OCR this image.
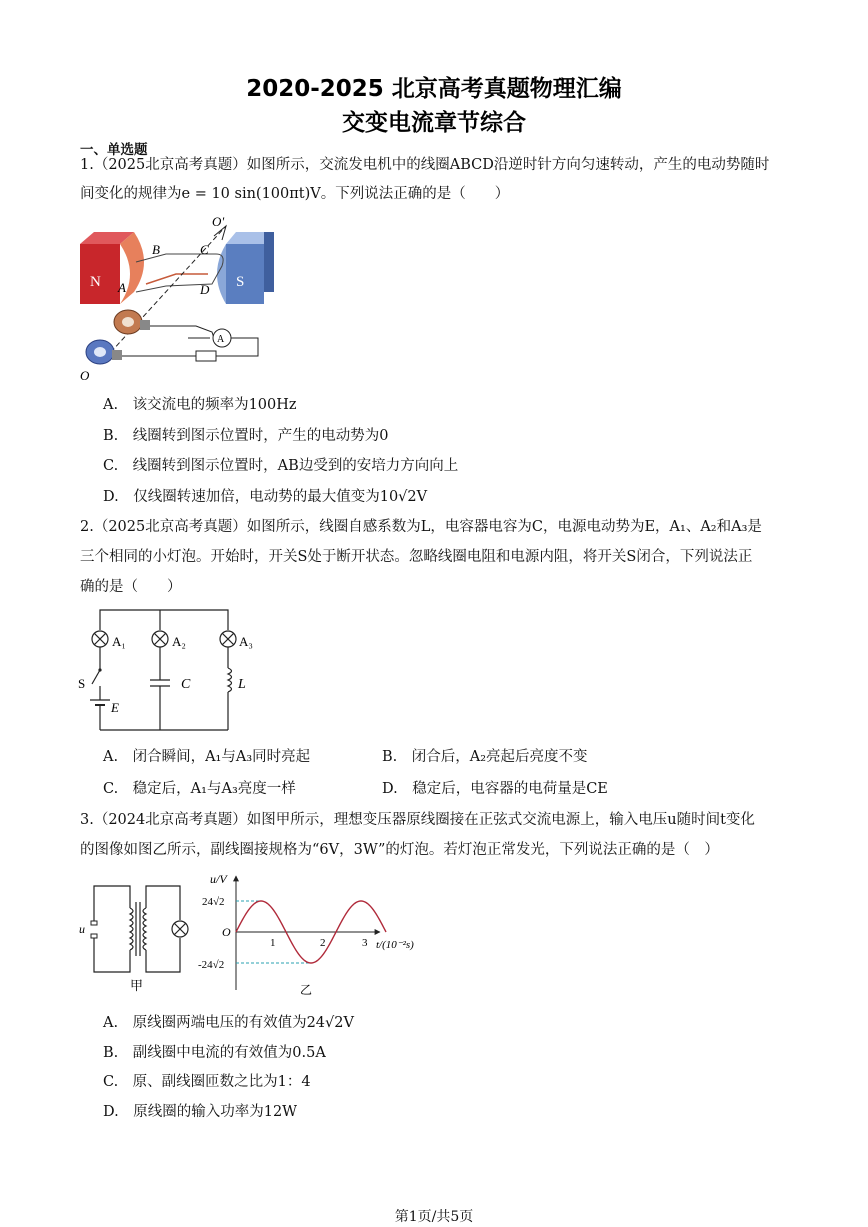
2020-2025 北京高考真题物理汇编
交变电流章节综合
一、单选题
1.（2025北京高考真题）如图所示，交流发电机中的线圈ABCD沿逆时针方向匀速转动，产生的电动势随时
间变化的规律为e = 10 sin(100πt)V。下列说法正确的是（　　）
O'
B	C
N A	D S
A
O
A.　该交流电的频率为100Hz
B.　线圈转到图示位置时，产生的电动势为0
C.　线圈转到图示位置时，AB边受到的安培力方向向上
D.　仅线圈转速加倍，电动势的最大值变为10√2V
2.（2025北京高考真题）如图所示，线圈自感系数为L，电容器电容为C，电源电动势为E，A₁、A₂和A₃是
三个相同的小灯泡。开始时，开关S处于断开状态。忽略线圈电阻和电源内阻，将开关S闭合，下列说法正
确的是（　　）
A₁	A₂	A₃
S	C	L
E
A.　闭合瞬间，A₁与A₃同时亮起	B.　闭合后，A₂亮起后亮度不变
C.　稳定后，A₁与A₃亮度一样	D.　稳定后，电容器的电荷量是CE
3.（2024北京高考真题）如图甲所示，理想变压器原线圈接在正弦式交流电源上，输入电压u随时间t变化
的图像如图乙所示，副线圈接规格为“6V，3W”的灯泡。若灯泡正常发光，下列说法正确的是（　）
u
甲
u/V
O
24√2
-24√2
1	2	3 t/(10⁻²s)
乙
A.　原线圈两端电压的有效值为24√2V
B.　副线圈中电流的有效值为0.5A
C.　原、副线圈匝数之比为1：4
D.　原线圈的输入功率为12W
第1页/共5页
